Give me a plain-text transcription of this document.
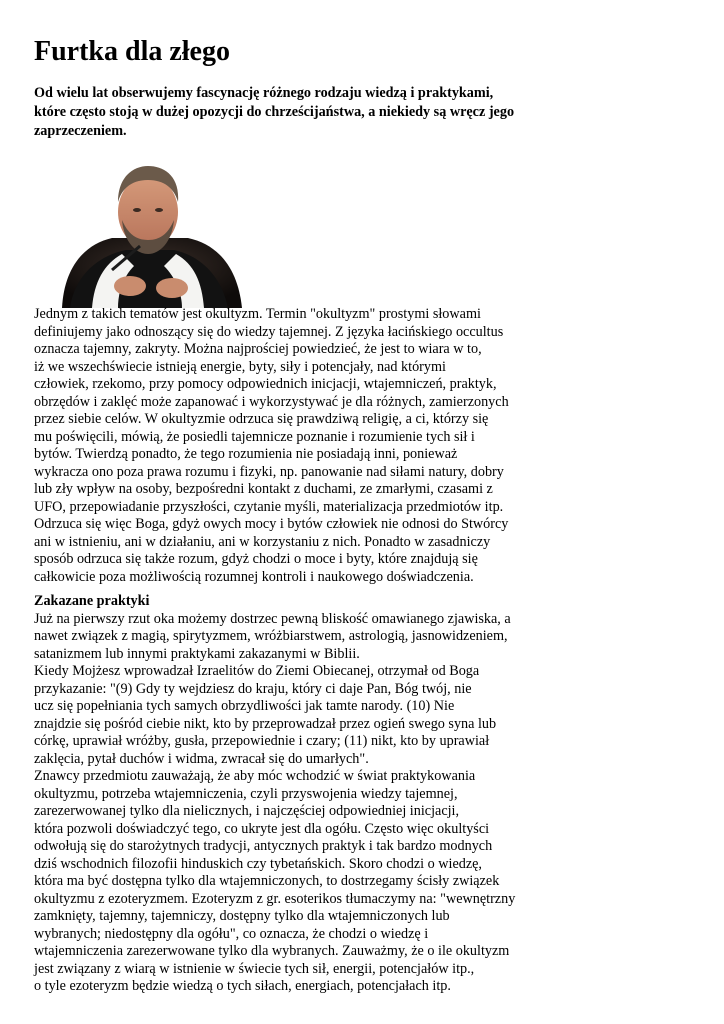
Furtka dla złego

Od wielu lat obserwujemy fascynację różnego rodzaju wiedzą i praktykami,
które często stoją w dużej opozycji do chrześcijaństwa, a niekiedy są wręcz jego
zaprzeczeniem.

Jednym z takich tematów jest okultyzm. Termin "okultyzm" prostymi słowami
definiujemy jako odnoszący się do wiedzy tajemnej. Z języka łacińskiego occultus
oznacza tajemny, zakryty. Można najprościej powiedzieć, że jest to wiara w to,
iż we wszechświecie istnieją energie, byty, siły i potencjały, nad którymi
człowiek, rzekomo, przy pomocy odpowiednich inicjacji, wtajemniczeń, praktyk,
obrzędów i zaklęć może zapanować i wykorzystywać je dla różnych, zamierzonych
przez siebie celów. W okultyzmie odrzuca się prawdziwą religię, a ci, którzy się
mu poświęcili, mówią, że posiedli tajemnicze poznanie i rozumienie tych sił i
bytów. Twierdzą ponadto, że tego rozumienia nie posiadają inni, ponieważ
wykracza ono poza prawa rozumu i fizyki, np. panowanie nad siłami natury, dobry
lub zły wpływ na osoby, bezpośredni kontakt z duchami, ze zmarłymi, czasami z
UFO, przepowiadanie przyszłości, czytanie myśli, materializacja przedmiotów itp.
Odrzuca się więc Boga, gdyż owych mocy i bytów człowiek nie odnosi do Stwórcy
ani w istnieniu, ani w działaniu, ani w korzystaniu z nich. Ponadto w zasadniczy
sposób odrzuca się także rozum, gdyż chodzi o moce i byty, które znajdują się
całkowicie poza możliwością rozumnej kontroli i naukowego doświadczenia.
Zakazane praktyki
Już na pierwszy rzut oka możemy dostrzec pewną bliskość omawianego zjawiska, a
nawet związek z magią, spirytyzmem, wróżbiarstwem, astrologią, jasnowidzeniem,
satanizmem lub innymi praktykami zakazanymi w Biblii.
Kiedy Mojżesz wprowadzał Izraelitów do Ziemi Obiecanej, otrzymał od Boga
przykazanie: "(9) Gdy ty wejdziesz do kraju, który ci daje Pan, Bóg twój, nie
ucz się popełniania tych samych obrzydliwości jak tamte narody. (10) Nie
znajdzie się pośród ciebie nikt, kto by przeprowadzał przez ogień swego syna lub
córkę, uprawiał wróżby, gusła, przepowiednie i czary; (11) nikt, kto by uprawiał
zaklęcia, pytał duchów i widma, zwracał się do umarłych".
Znawcy przedmiotu zauważają, że aby móc wchodzić w świat praktykowania
okultyzmu, potrzeba wtajemniczenia, czyli przyswojenia wiedzy tajemnej,
zarezerwowanej tylko dla nielicznych, i najczęściej odpowiedniej inicjacji,
która pozwoli doświadczyć tego, co ukryte jest dla ogółu. Często więc okultyści
odwołują się do starożytnych tradycji, antycznych praktyk i tak bardzo modnych
dziś wschodnich filozofii hinduskich czy tybetańskich. Skoro chodzi o wiedzę,
która ma być dostępna tylko dla wtajemniczonych, to dostrzegamy ścisły związek
okultyzmu z ezoteryzmem. Ezoteryzm z gr. esoterikos tłumaczymy na: "wewnętrzny
zamknięty, tajemny, tajemniczy, dostępny tylko dla wtajemniczonych lub
wybranych; niedostępny dla ogółu", co oznacza, że chodzi o wiedzę i
wtajemniczenia zarezerwowane tylko dla wybranych. Zauważmy, że o ile okultyzm
jest związany z wiarą w istnienie w świecie tych sił, energii, potencjałów itp.,
o tyle ezoteryzm będzie wiedzą o tych siłach, energiach, potencjałach itp.
